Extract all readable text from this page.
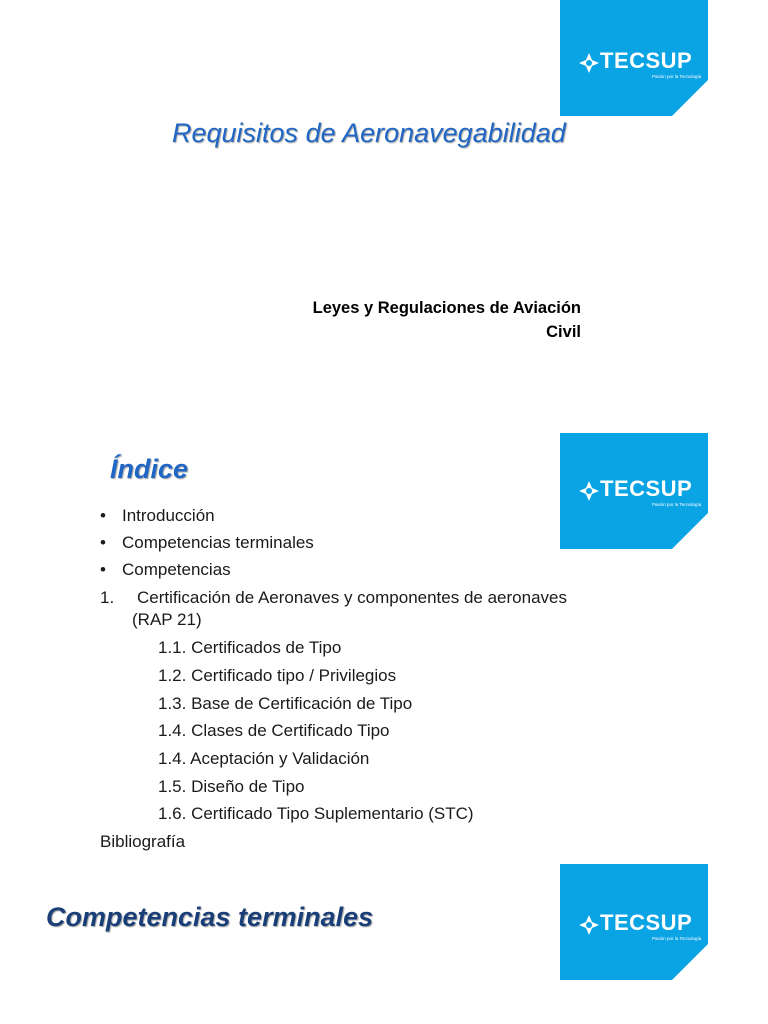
TECSUP
Pasión por la Tecnología
Requisitos de Aeronavegabilidad
Leyes y Regulaciones de Aviación
Civil
TECSUP
Pasión por la Tecnología
Índice
• Introducción
• Competencias terminales
• Competencias
1. Certificación de Aeronaves y componentes de aeronaves
(RAP 21)
1.1. Certificados de Tipo
1.2. Certificado tipo / Privilegios
1.3. Base de Certificación de Tipo
1.4. Clases de Certificado Tipo
1.4. Aceptación y Validación
1.5. Diseño de Tipo
1.6. Certificado Tipo Suplementario (STC)
Bibliografía
TECSUP
Pasión por la Tecnología
Competencias terminales
